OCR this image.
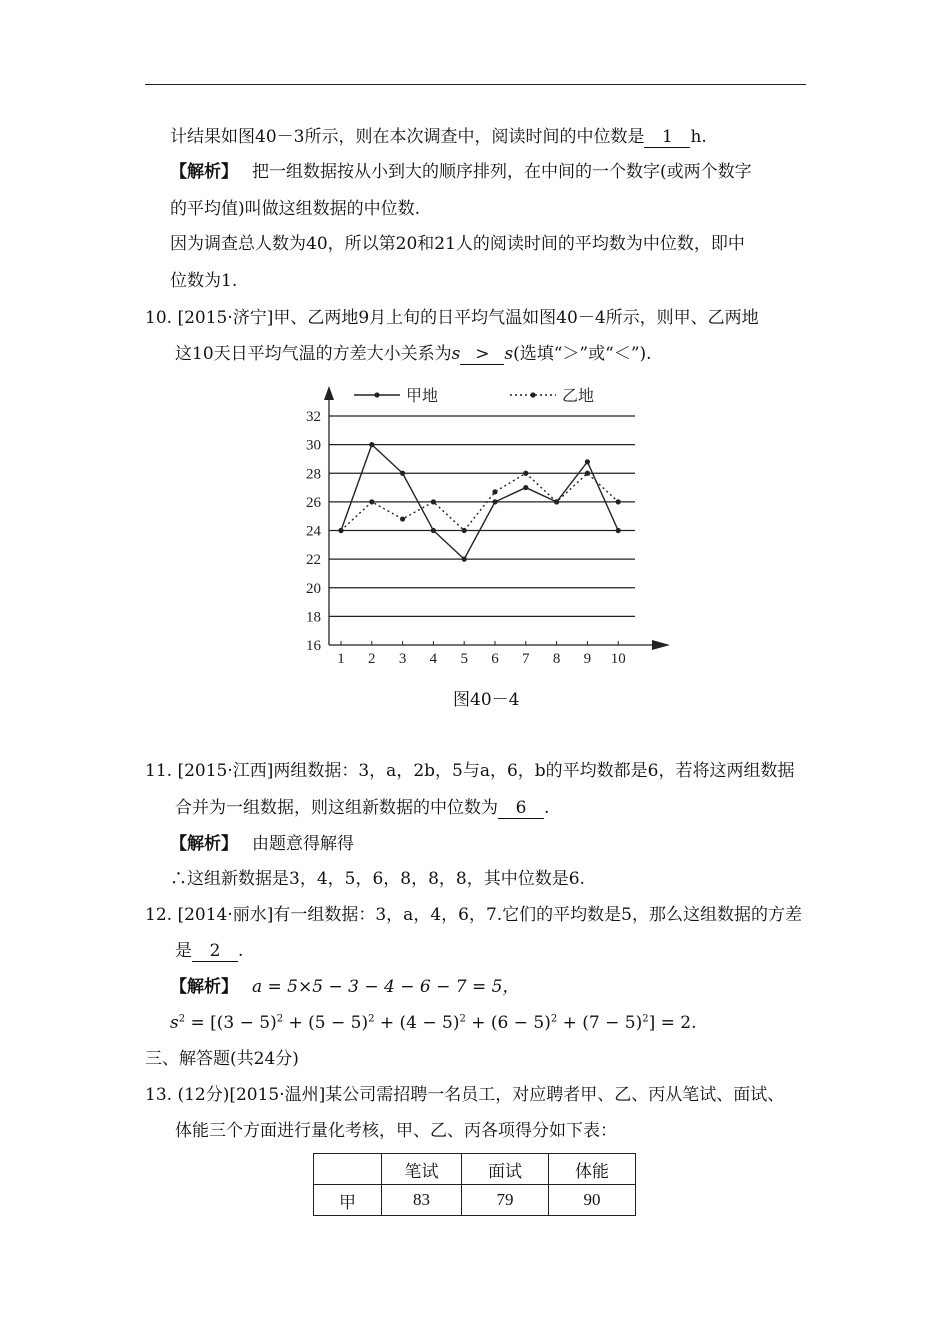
计结果如图40－3所示，则在本次调查中，阅读时间的中位数是 1 h.
【解析】 把一组数据按从小到大的顺序排列，在中间的一个数字(或两个数字
的平均值)叫做这组数据的中位数.
因为调查总人数为40，所以第20和21人的阅读时间的平均数为中位数，即中
位数为1.
10. [2015·济宁]甲、乙两地9月上旬的日平均气温如图40－4所示，则甲、乙两地
这10天日平均气温的方差大小关系为s > s(选填“＞”或“＜”).
16
18
20
22
24
26
28
30
32
1 2 3 4 5 6 7 8 9 10
甲地	乙地
图40－4
11. [2015·江西]两组数据：3，a，2b，5与a，6，b的平均数都是6，若将这两组数据
合并为一组数据，则这组新数据的中位数为 6 .
【解析】 由题意得解得
∴这组新数据是3，4，5，6，8，8，8，其中位数是6.
12. [2014·丽水]有一组数据：3，a，4，6，7.它们的平均数是5，那么这组数据的方差
是 2 .
【解析】 a = 5×5 − 3 − 4 − 6 − 7 = 5，
$s^2 = [(3 - 5)^2 + (5 - 5)^2 + (4 - 5)^2 + (6 - 5)^2 + (7 - 5)^2] = 2$.
三、解答题(共24分)
13. (12分)[2015·温州]某公司需招聘一名员工，对应聘者甲、乙、丙从笔试、面试、
体能三个方面进行量化考核，甲、乙、丙各项得分如下表：
	笔试	面试	体能
甲	83	79	90
